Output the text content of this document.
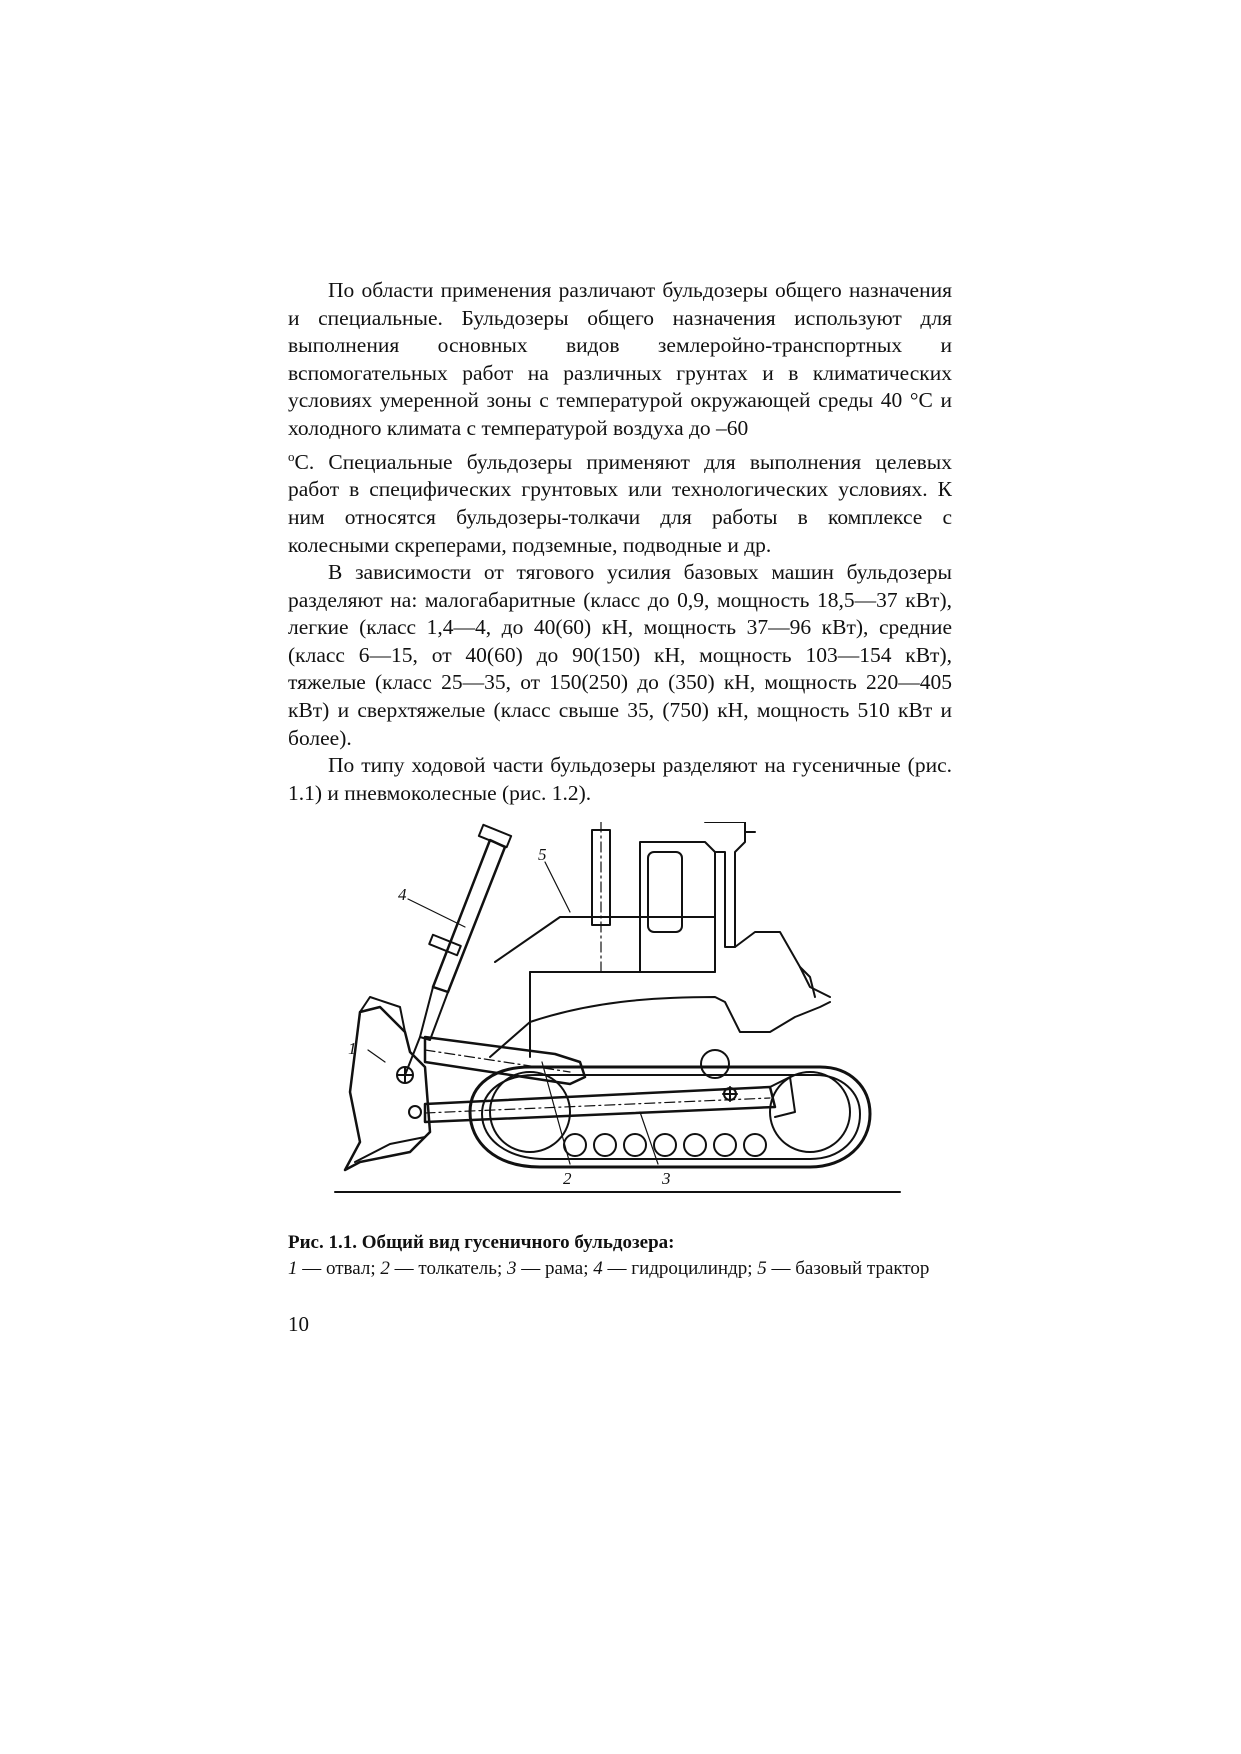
По области применения различают бульдозеры общего назначения и специальные. Бульдозеры общего назначения используют для выполнения основных видов землеройно-транспортных и вспомогательных работ на различных грунтах и в климатических условиях умеренной зоны с температурой окружающей среды 40 °С и холодного климата с температурой воздуха до –60
$^o$С. Специальные бульдозеры применяют для выполнения целевых работ в специфических грунтовых или технологических условиях. К ним относятся бульдозеры-толкачи для работы в комплексе с колесными скреперами, подземные, подводные и др.

В зависимости от тягового усилия базовых машин бульдозеры разделяют на: малогабаритные (класс до 0,9, мощность 18,5—37 кВт), легкие (класс 1,4—4, до 40(60) кН, мощность 37—96 кВт), средние (класс 6—15, от 40(60) до 90(150) кН, мощность 103—154 кВт), тяжелые (класс 25—35, от 150(250) до (350) кН, мощность 220—405 кВт) и сверхтяжелые (класс свыше 35, (750) кН, мощность 510 кВт и более).

По типу ходовой части бульдозеры разделяют на гусеничные (рис. 1.1) и пневмоколесные (рис. 1.2).

1
2	3
4
5
Рис. 1.1. Общий вид гусеничного бульдозера:
1 — отвал; 2 — толкатель; 3 — рама; 4 — гидроцилиндр; 5 — базовый трактор
10
